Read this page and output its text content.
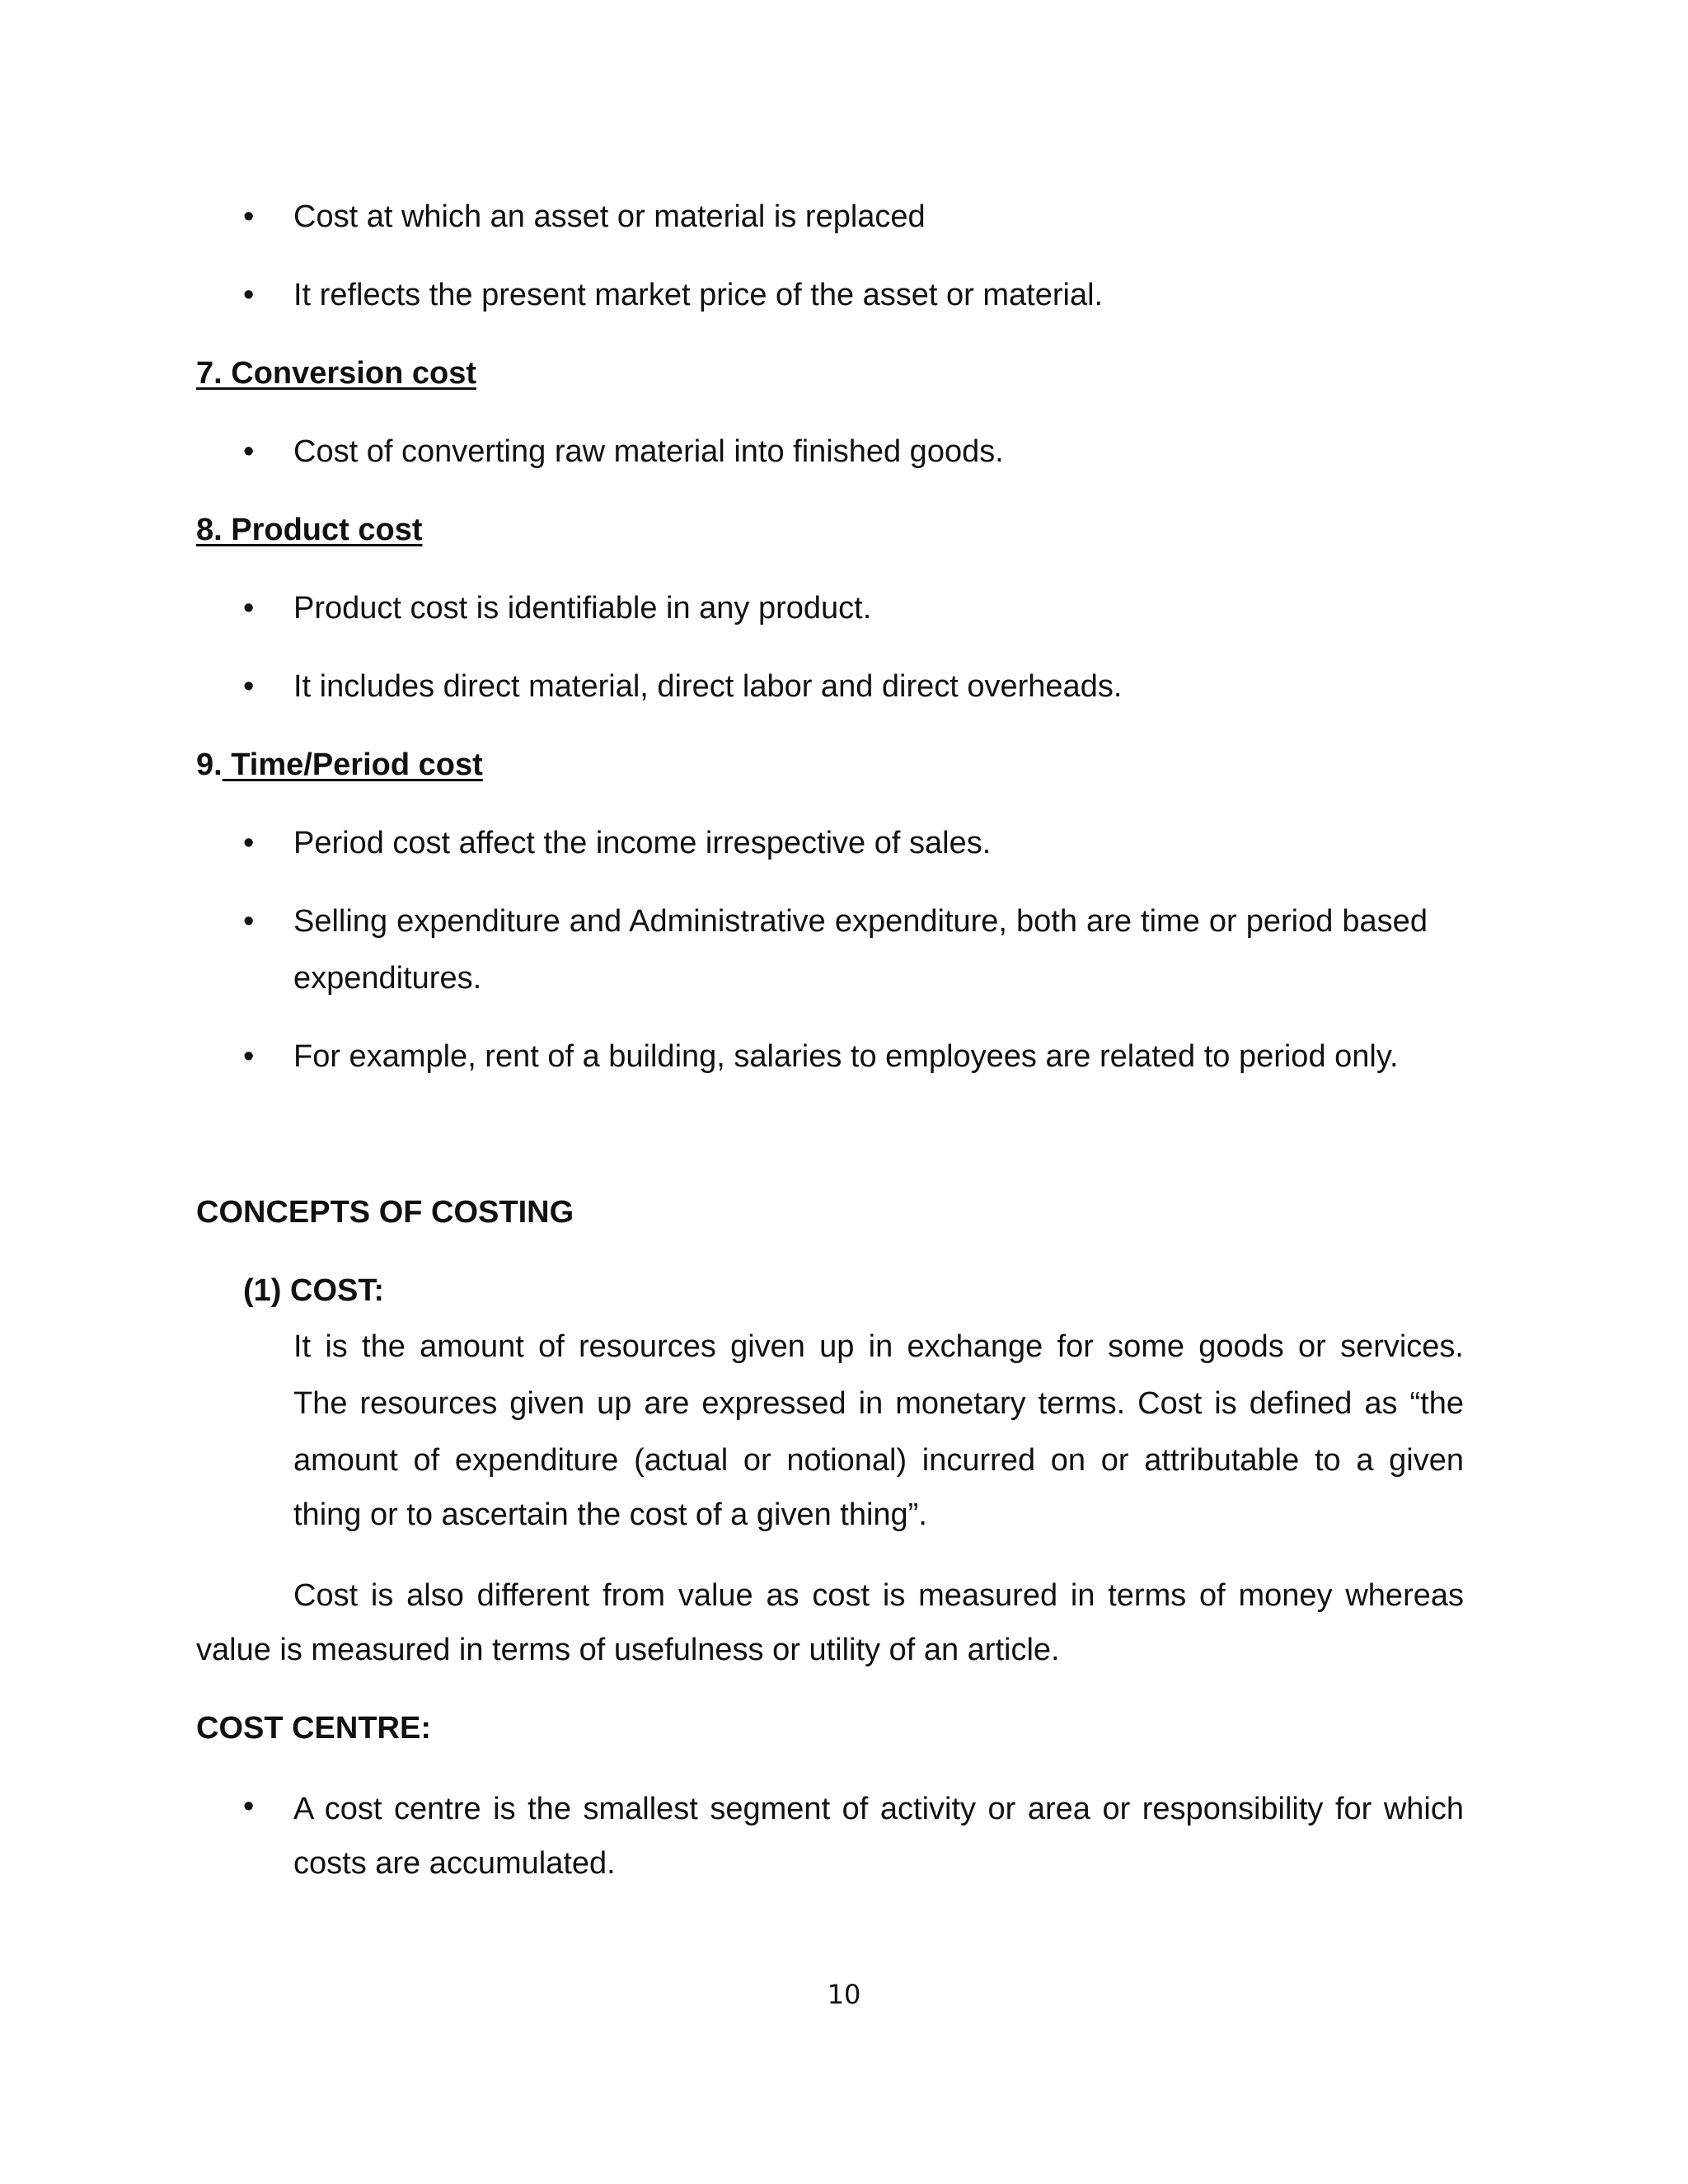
• Cost at which an asset or material is replaced
• It reflects the present market price of the asset or material.
7. Conversion cost
• Cost of converting raw material into finished goods.
8. Product cost
• Product cost is identifiable in any product.
• It includes direct material, direct labor and direct overheads.
9. Time/Period cost
• Period cost affect the income irrespective of sales.
• Selling expenditure and Administrative expenditure, both are time or period based
expenditures.
• For example, rent of a building, salaries to employees are related to period only.
CONCEPTS OF COSTING
(1) COST:
It is the amount of resources given up in exchange for some goods or services.
The resources given up are expressed in monetary terms. Cost is defined as “the
amount of expenditure (actual or notional) incurred on or attributable to a given
thing or to ascertain the cost of a given thing”.
Cost is also different from value as cost is measured in terms of money whereas
value is measured in terms of usefulness or utility of an article.
COST CENTRE:
• A cost centre is the smallest segment of activity or area or responsibility for which
costs are accumulated.
10
